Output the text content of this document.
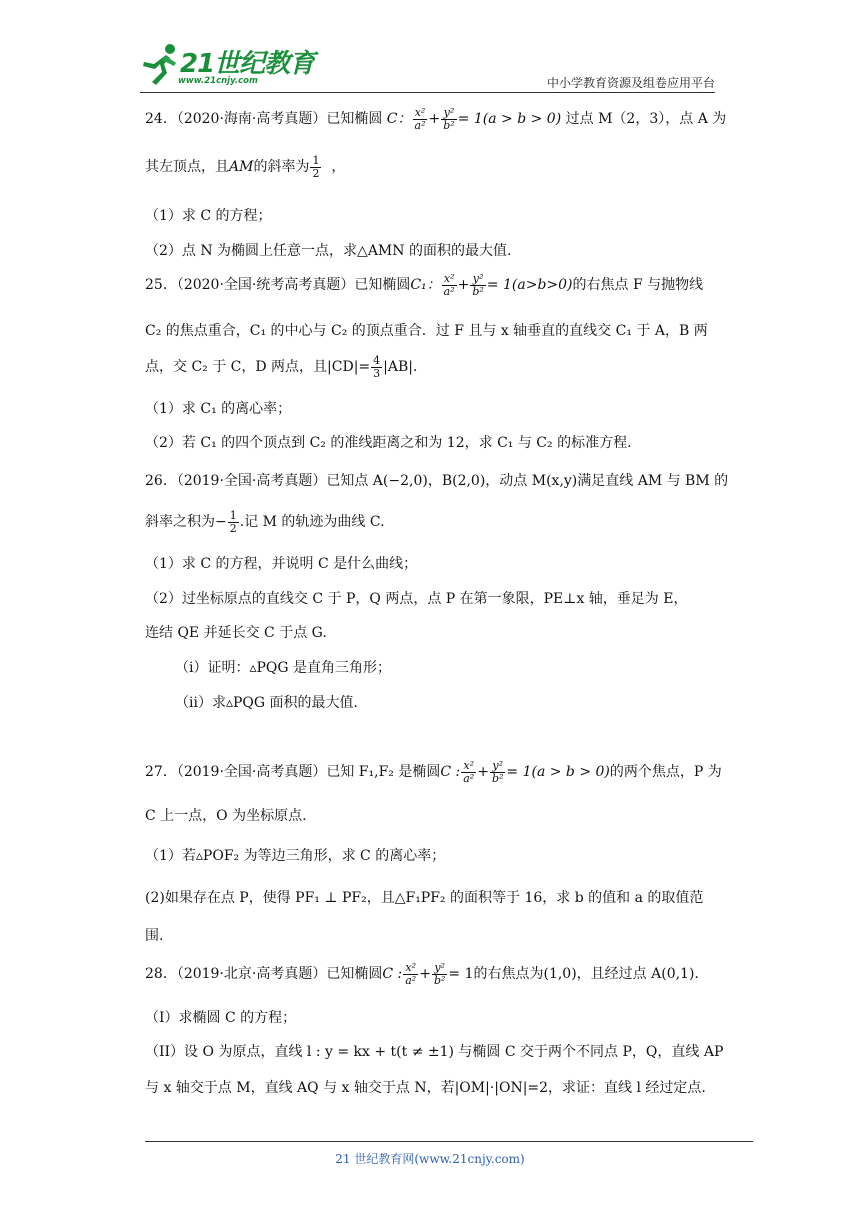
21世纪教育
www.21cnjy.com	中小学教育资源及组卷应用平台
24．（2020·海南·高考真题）已知椭圆 C： $\frac{\text{x²}}{\text{a²}} + \frac{\text{y²}}{\text{b²}} = 1(a > b > 0)$ 过点 M（2，3），点 A 为
其左顶点，且AM的斜率为 $\frac{1}{2}$ ，
（1）求 C 的方程；
（2）点 N 为椭圆上任意一点，求△AMN 的面积的最大值.
25．（2020·全国·统考高考真题）已知椭圆C₁： $\frac{\text{x²}}{\text{a²}} + \frac{\text{y²}}{\text{b²}} = 1(a>b>0)$的右焦点 F 与抛物线
C₂ 的焦点重合，C₁ 的中心与 C₂ 的顶点重合．过 F 且与 x 轴垂直的直线交 C₁ 于 A，B 两
点，交 C₂ 于 C，D 两点，且$|CD|= \frac{4}{3} |AB|$.
（1）求 C₁ 的离心率；
（2）若 C₁ 的四个顶点到 C₂ 的准线距离之和为 12，求 C₁ 与 C₂ 的标准方程.
26．（2019·全国·高考真题）已知点 A(−2,0)，B(2,0)，动点 M(x,y)满足直线 AM 与 BM 的
斜率之积为− $\frac{1}{2}$ .记 M 的轨迹为曲线 C.
（1）求 C 的方程，并说明 C 是什么曲线；
（2）过坐标原点的直线交 C 于 P，Q 两点，点 P 在第一象限，PE⊥x 轴，垂足为 E，
连结 QE 并延长交 C 于点 G.
（i）证明：▵PQG 是直角三角形；
（ii）求▵PQG 面积的最大值.
27．（2019·全国·高考真题）已知 F₁,F₂ 是椭圆C : $\frac{\text{x²}}{\text{a²}} + \frac{\text{y²}}{\text{b²}} = 1(a > b > 0)$的两个焦点，P 为
C 上一点，O 为坐标原点.
（1）若▵POF₂ 为等边三角形，求 C 的离心率；
(2)如果存在点 P，使得 PF₁ ⊥ PF₂，且△F₁PF₂ 的面积等于 16，求 b 的值和 a 的取值范
围.
28．（2019·北京·高考真题）已知椭圆C : $\frac{\text{x²}}{\text{a²}} + \frac{\text{y²}}{\text{b²}} = 1$的右焦点为(1,0)，且经过点 A(0,1).
（I）求椭圆 C 的方程；
（II）设 O 为原点，直线 l : y = kx + t(t ≠ ±1) 与椭圆 C 交于两个不同点 P，Q，直线 AP
与 x 轴交于点 M，直线 AQ 与 x 轴交于点 N，若|OM|·|ON|=2，求证：直线 l 经过定点.
21 世纪教育网(www.21cnjy.com)
